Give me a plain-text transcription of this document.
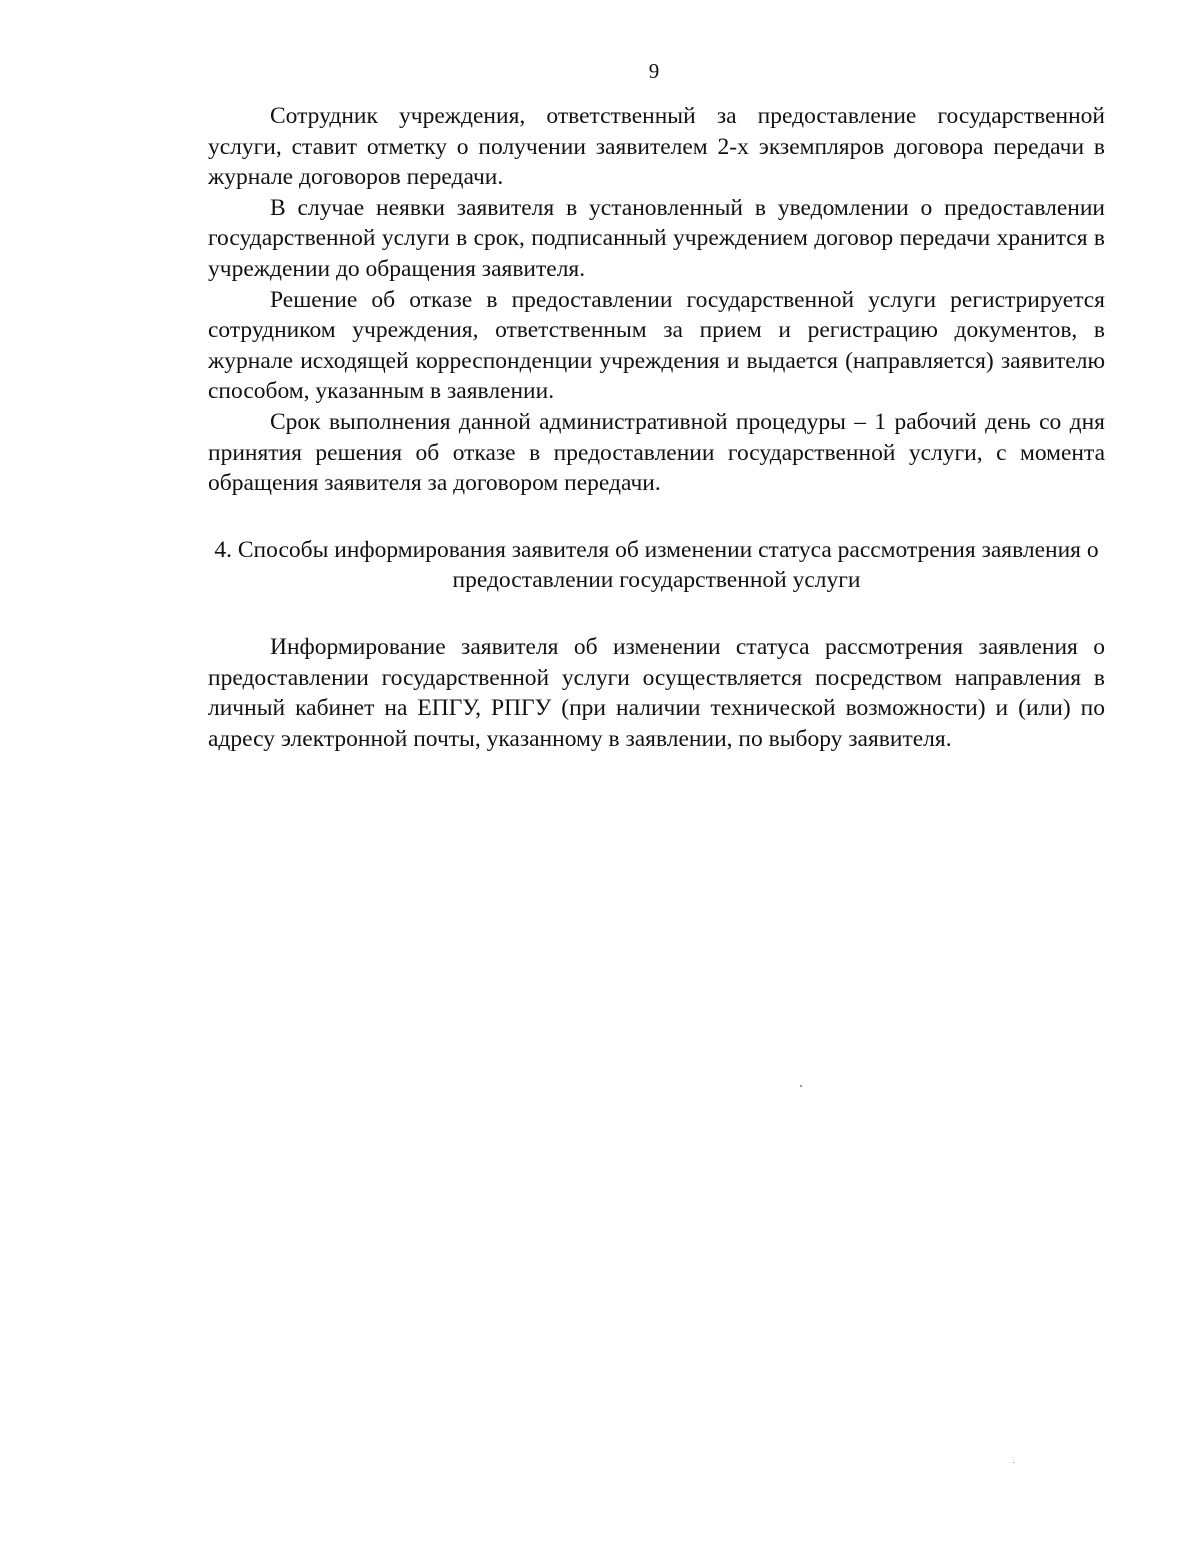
9

Сотрудник учреждения, ответственный за предоставление государственной услуги, ставит отметку о получении заявителем 2-х экземпляров договора передачи в журнале договоров передачи.

В случае неявки заявителя в установленный в уведомлении о предоставлении государственной услуги в срок, подписанный учреждением договор передачи хранится в учреждении до обращения заявителя.

Решение об отказе в предоставлении государственной услуги регистрируется сотрудником учреждения, ответственным за прием и регистрацию документов, в журнале исходящей корреспонденции учреждения и выдается (направляется) заявителю способом, указанным в заявлении.

Срок выполнения данной административной процедуры – 1 рабочий день со дня принятия решения об отказе в предоставлении государственной услуги, с момента обращения заявителя за договором передачи.

4. Способы информирования заявителя об изменении статуса рассмотрения заявления о предоставлении государственной услуги

Информирование заявителя об изменении статуса рассмотрения заявления о предоставлении государственной услуги осуществляется посредством направления в личный кабинет на ЕПГУ, РПГУ (при наличии технической возможности) и (или) по адресу электронной почты, указанному в заявлении, по выбору заявителя.
